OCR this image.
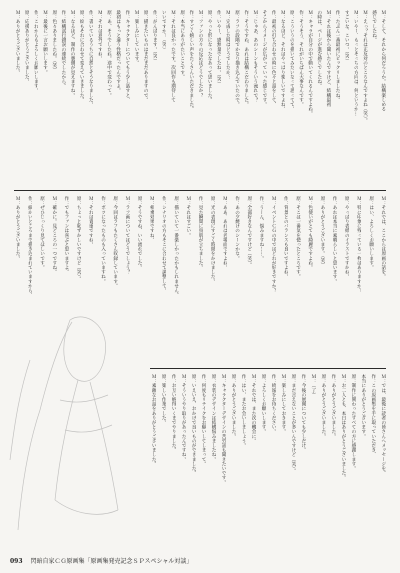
Ｍ：そして、それから何だろうか。結構楽しめる
感じでしたね。
Ｍ：えっ？それは正反対のところなんですよね（笑）。
Ｍ：いやー、もっとそっちの方向は、何というか…
すごいな、こいつ。（笑）
作：たぶん一番最初にビックリしましたね。
Ｍ：それは後から聞いたんですけど、結構最初
の時は、ページが進む感じでしたね。
Ｍ：キャラが自分の中で動いてくれるんですよね。
作：そうそう、それがいちばん大事なんです。
原：こういうのを描いてみたいなって思ってて。
Ｍ：なるほど、それはやっぱり楽しいですよね。
作：最初の打ち合わせの時に色々と話をして、
そこからイメージが広がっていった感じです。
Ｍ：じゃあ、あのシーンもそういう流れで？
作：そうですね、あれは結構こだわりました。
原：ラフの段階でかなり描き込んでいたので。
Ｍ：完成した時はどうでしたか？
作：いやー、感無量でしたね。（笑）
原：やっと形になったなあって思いました。
Ｍ：ファンの方々の反応はどうでしたか？
作：すごく嬉しい声をたくさんいただきました。
原：本当にありがたいことです。
Ｍ：それは良かったです。次回作も期待して
いいですか？（笑）
作：がんばります。（笑）
原：描きたいものはまだまだありますので。
Ｍ：楽しみにしています。
作：キャラクターについてもう少し話すと、
最初はもっと違う性格だったんですよ。
原：あ、そうでしたね。途中で変わって。
Ｍ：それは意外ですね。
作：書いているうちに自然とそうなりました。
原：絵もそれに合わせて変えていきました。
Ｍ：なるほど。制作の裏側が見えますね。
作：結構試行錯誤の連続でしたから。
原：色々ありましたね。（笑）
Ｍ：最後に一言お願いします。
作：これからもよろしくお願いします。
原：応援ありがとうございました。
Ｍ：ありがとうございました。
Ｍ：それでは、ここからは原画の話を。
原：はい、よろしくお願いします。
Ｍ：特に印象に残っている一枚はありますか？
原：やっぱり表紙のイラストですかね。
作：あれは本当に素晴らしいと思います。
原：ありがとうございます。（笑）
Ｍ：色使いがとても綺麗ですよね。
原：そこは一番気を使ったところです。
作：背景とのバランスも良いですよね。
Ｍ：イベントＣＧの中ではどれが好きですか？
作：うーん、悩みますね……。
原：全部好きなんですけど（笑）。
作：あの夕焼けのシーンかな。
Ｍ：ああ、あれは名場面ですよね。
原：光の表現にすごく時間をかけました。
作：見た瞬間に鳥肌が立ちました。
Ｍ：それはすごい。
原：描いていて一番楽しかったかもしれません。
作：シナリオの方もそこに合わせて調整して。
Ｍ：相乗効果ですね。
原：そうですね、いい流れでした。
Ｍ：ラフ画についてはどうでしょう？
原：今回はラフもたくさん収録しています。
作：ボツになったものも入っていますね。
Ｍ：それは貴重ですね。
原：ちょっと恥ずかしいですけど（笑）。
作：でもファンは喜ぶと思いますよ。
Ｍ：確かに。見どころの一つですね。
原：ぜひじっくり見てほしいです。
作：細かいところまで描き込まれていますから。
Ｍ：ありがとうございました。
Ｍ：では、最後に読者の皆さんへメッセージを。
作：この原画集を手に取っていただき、
本当にありがとうございます。
原：制作に関わったすべての方に感謝します。
Ｍ：お二人とも、本日はありがとうございました。
作：ありがとうございました。
原：ありがとうございました。
Ｍ：（了）
作：今後の展開についても少しだけ。
原：まだ言えないことが多いんですけど（笑）。
Ｍ：楽しみにしておきます。
作：続報をお待ちください。
原：よろしくお願いします。
Ｍ：それでは、また次の機会に。
作：はい、またお会いしましょう。
原：ありがとうございました。
Ｍ：キャラクターデザインの苦労話も聞きたいです。
原：衣装のデザインは結構悩みましたね。
作：何度もリテイクをお願いしてしまって。
原：いえいえ、おかげで良いものができました。
Ｍ：そういうやり取りがあったんですね。
作：お互い納得いくまでやりました。
原：楽しい作業でした。
Ｍ：素敵なお話をありがとうございました。
093 閃暗自家ＣＧ原画集「原画集発売記念ＳＰスペシャル対談」
